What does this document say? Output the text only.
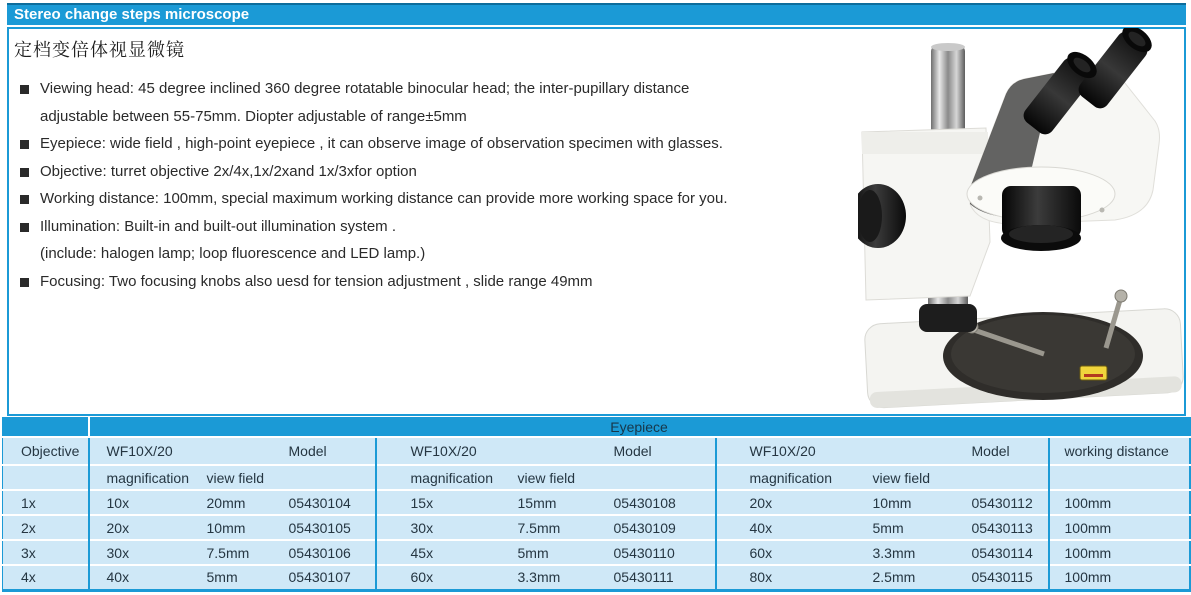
Stereo change steps microscope
定档变倍体视显微镜
Viewing head: 45 degree inclined 360 degree rotatable binocular head; the inter-pupillary distance
adjustable between 55-75mm. Diopter adjustable of range±5mm
Eyepiece: wide field , high-point eyepiece , it can observe image of observation specimen with glasses.
Objective: turret objective 2x/4x,1x/2xand 1x/3xfor option
Working distance: 100mm, special maximum working distance can provide more working space for you.
Illumination: Built-in and built-out illumination system .
(include: halogen lamp; loop fluorescence and LED lamp.)
Focusing: Two focusing knobs also uesd for tension adjustment , slide range 49mm
	Eyepiece									
Objective	WF10X/20		Model	WF10X/20		Model	WF10X/20		Model	working distance
	magnification	view field		magnification	view field		magnification	view field		
1x	10x	20mm	05430104	15x	15mm	05430108	20x	10mm	05430112	100mm
2x	20x	10mm	05430105	30x	7.5mm	05430109	40x	5mm	05430113	100mm
3x	30x	7.5mm	05430106	45x	5mm	05430110	60x	3.3mm	05430114	100mm
4x	40x	5mm	05430107	60x	3.3mm	05430111	80x	2.5mm	05430115	100mm
